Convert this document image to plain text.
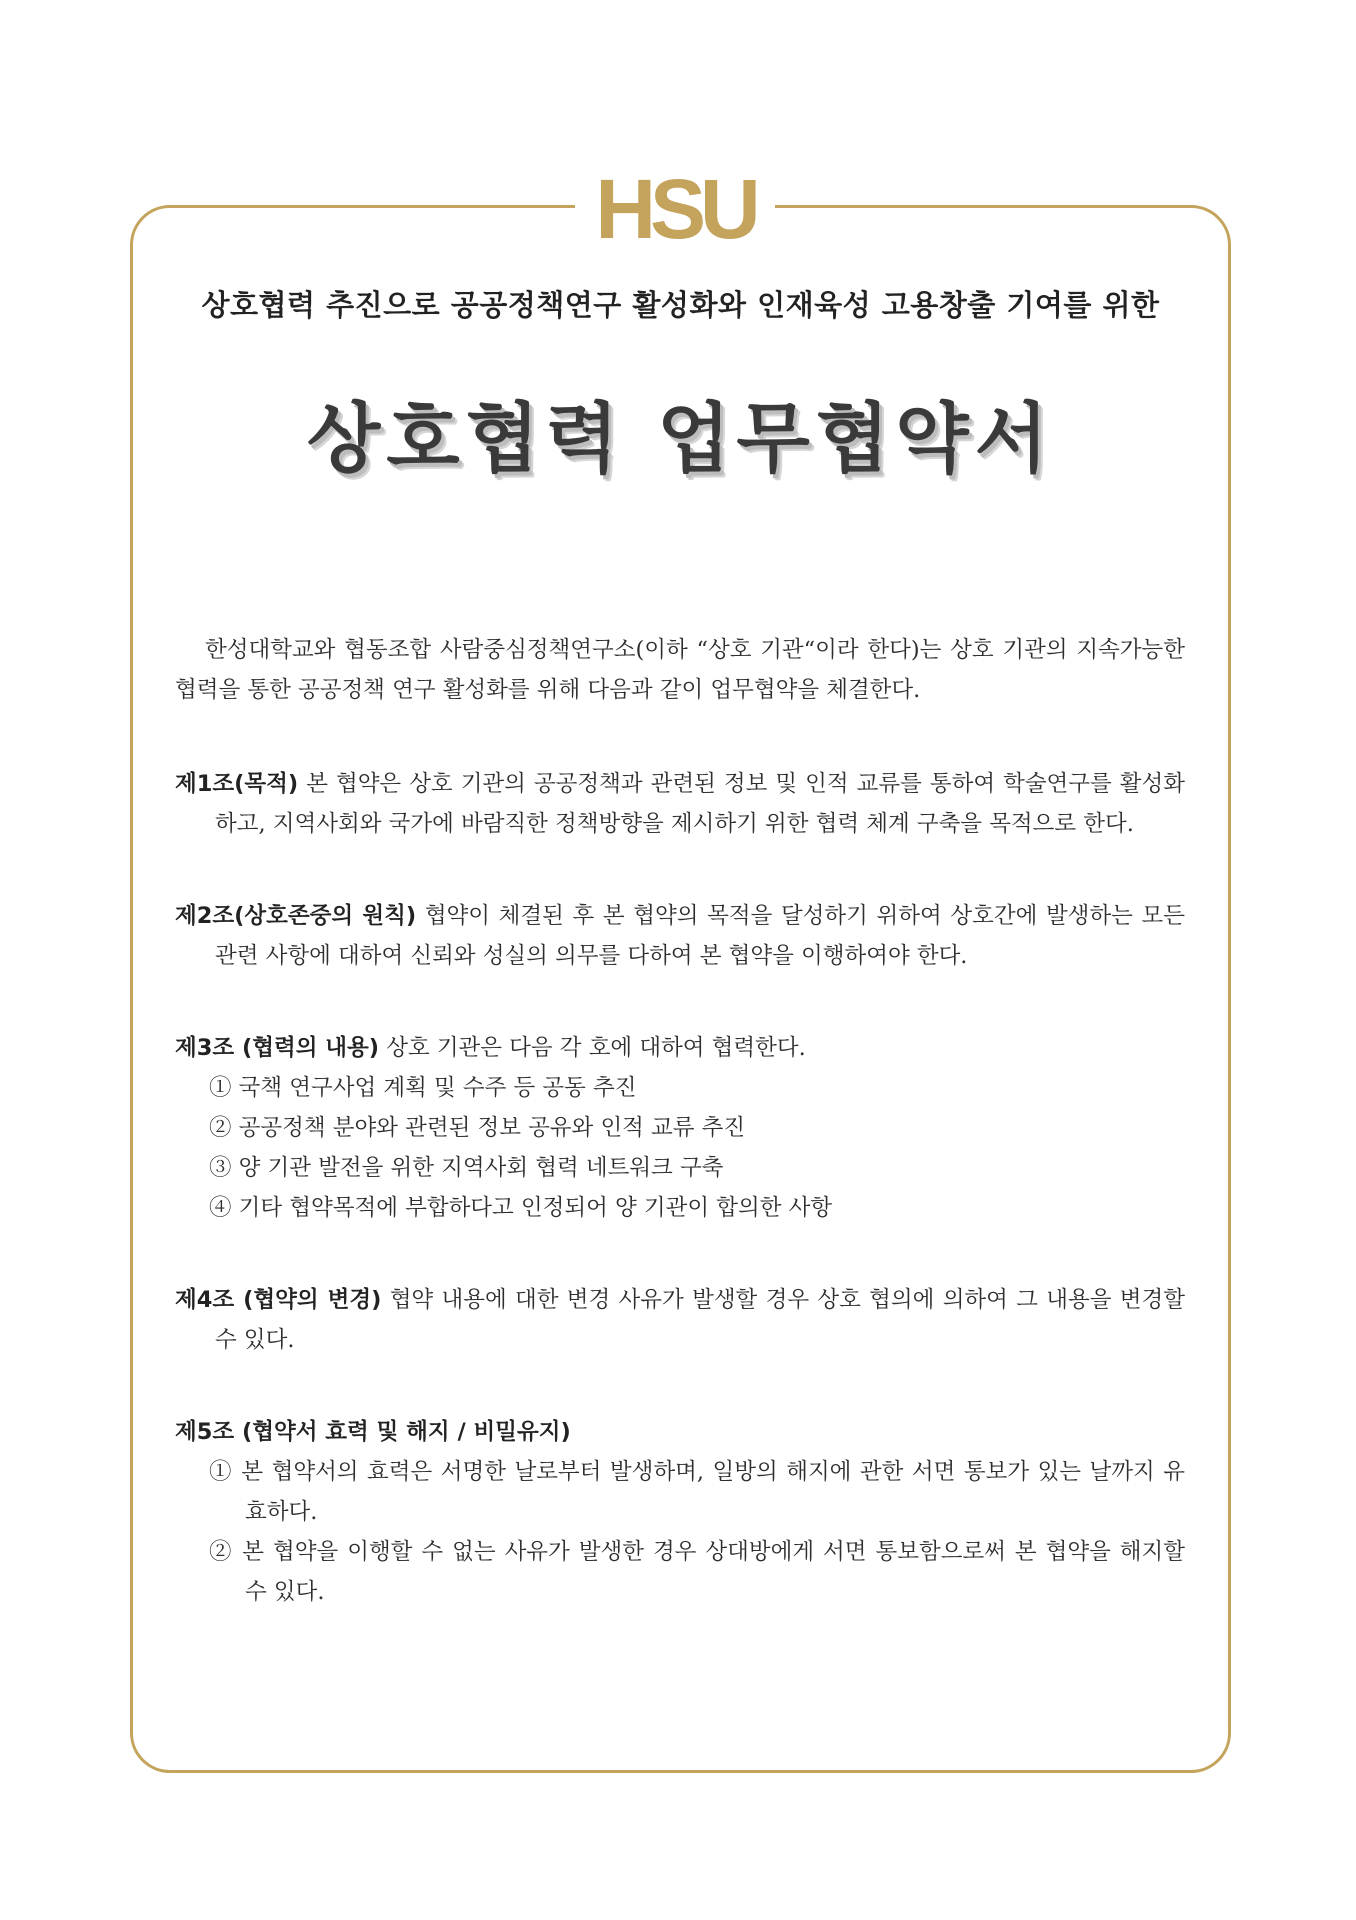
HSU

상호협력 추진으로 공공정책연구 활성화와 인재육성 고용창출 기여를 위한

상호협력 업무협약서

한성대학교와 협동조합 사람중심정책연구소(이하 “상호 기관“이라 한다)는 상호 기관의 지속가능한 협력을 통한 공공정책 연구 활성화를 위해 다음과 같이 업무협약을 체결한다.

제1조(목적) 본 협약은 상호 기관의 공공정책과 관련된 정보 및 인적 교류를 통하여 학술연구를 활성화하고, 지역사회와 국가에 바람직한 정책방향을 제시하기 위한 협력 체계 구축을 목적으로 한다.

제2조(상호존중의 원칙) 협약이 체결된 후 본 협약의 목적을 달성하기 위하여 상호간에 발생하는 모든 관련 사항에 대하여 신뢰와 성실의 의무를 다하여 본 협약을 이행하여야 한다.

제3조 (협력의 내용) 상호 기관은 다음 각 호에 대하여 협력한다.

① 국책 연구사업 계획 및 수주 등 공동 추진
② 공공정책 분야와 관련된 정보 공유와 인적 교류 추진
③ 양 기관 발전을 위한 지역사회 협력 네트워크 구축
④ 기타 협약목적에 부합하다고 인정되어 양 기관이 합의한 사항

제4조 (협약의 변경) 협약 내용에 대한 변경 사유가 발생할 경우 상호 협의에 의하여 그 내용을 변경할 수 있다.

제5조 (협약서 효력 및 해지 / 비밀유지)

① 본 협약서의 효력은 서명한 날로부터 발생하며, 일방의 해지에 관한 서면 통보가 있는 날까지 유효하다.
② 본 협약을 이행할 수 없는 사유가 발생한 경우 상대방에게 서면 통보함으로써 본 협약을 해지할 수 있다.
